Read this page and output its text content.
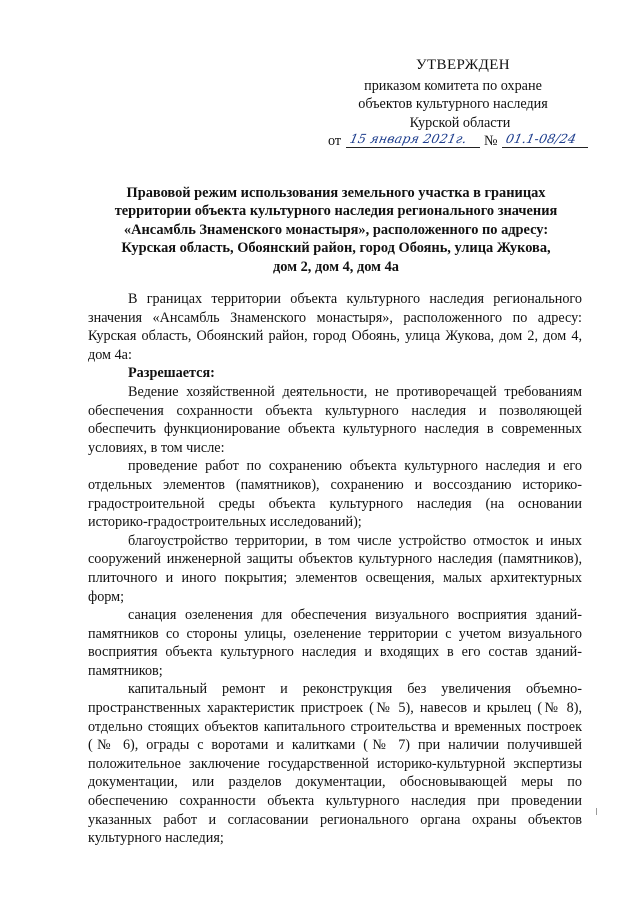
УТВЕРЖДЕН
приказом комитета по охране
объектов культурного наследия
Курской области
от 15 января 2021г. № 01.1-08/24
Правовой режим использования земельного участка в границах
территории объекта культурного наследия регионального значения
«Ансамбль Знаменского монастыря», расположенного по адресу:
Курская область, Обоянский район, город Обоянь, улица Жукова,
дом 2, дом 4, дом 4а

В границах территории объекта культурного наследия регионального значения «Ансамбль Знаменского монастыря», расположенного по адресу: Курская область, Обоянский район, город Обоянь, улица Жукова, дом 2, дом 4, дом 4а:

Разрешается:

Ведение хозяйственной деятельности, не противоречащей требованиям обеспечения сохранности объекта культурного наследия и позволяющей обеспечить функционирование объекта культурного наследия в современных условиях, в том числе:

проведение работ по сохранению объекта культурного наследия и его отдельных элементов (памятников), сохранению и воссозданию историко-градостроительной среды объекта культурного наследия (на основании историко-градостроительных исследований);

благоустройство территории, в том числе устройство отмосток и иных сооружений инженерной защиты объектов культурного наследия (памятников), плиточного и иного покрытия; элементов освещения, малых архитектурных форм;

санация озеленения для обеспечения визуального восприятия зданий-памятников со стороны улицы, озеленение территории с учетом визуального восприятия объекта культурного наследия и входящих в его состав зданий-памятников;

капитальный ремонт и реконструкция без увеличения объемно-пространственных характеристик пристроек (№ 5), навесов и крылец (№ 8), отдельно стоящих объектов капитального строительства и временных построек (№ 6), ограды с воротами и калитками (№ 7) при наличии получившей положительное заключение государственной историко-культурной экспертизы документации, или разделов документации, обосновывающей меры по обеспечению сохранности объекта культурного наследия при проведении указанных работ и согласовании регионального органа охраны объектов культурного наследия;
